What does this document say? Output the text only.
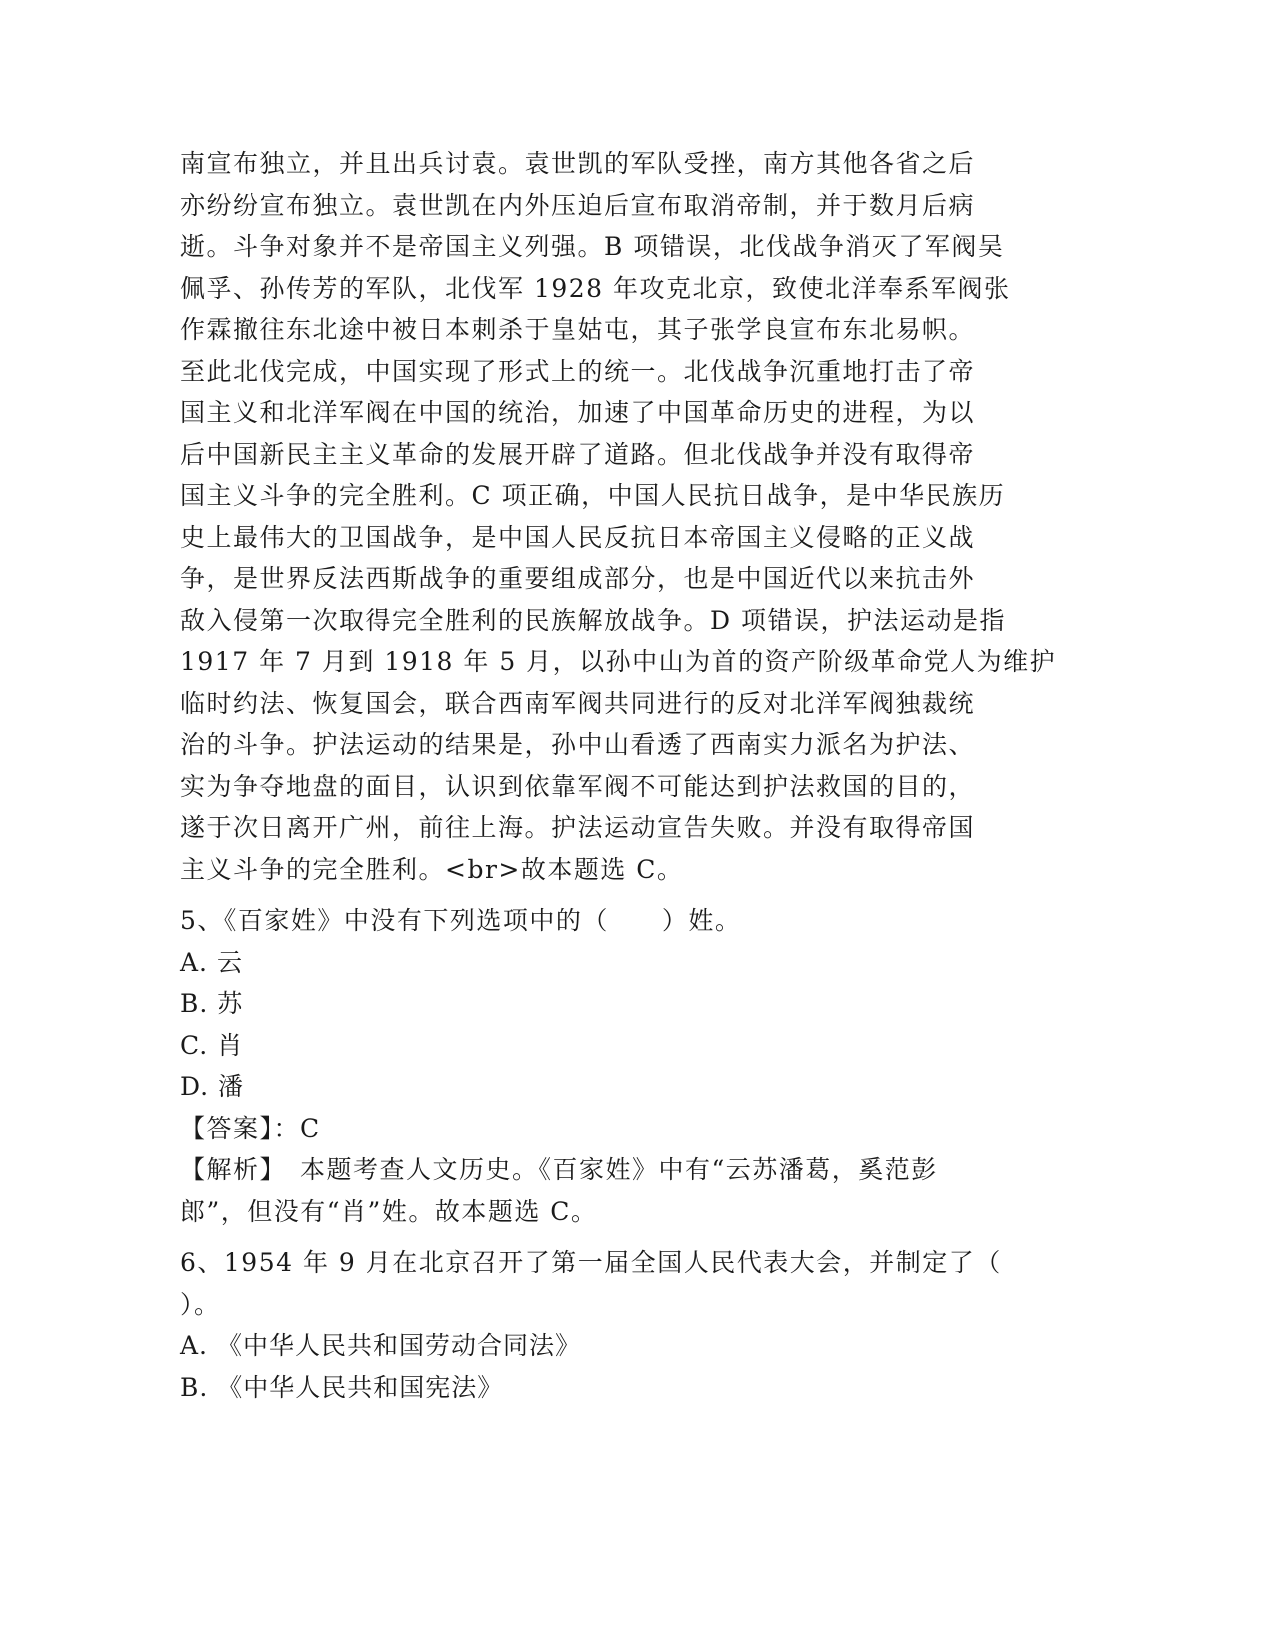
南宣布独立，并且出兵讨袁。袁世凯的军队受挫，南方其他各省之后
亦纷纷宣布独立。袁世凯在内外压迫后宣布取消帝制，并于数月后病
逝。斗争对象并不是帝国主义列强。B 项错误，北伐战争消灭了军阀吴
佩孚、孙传芳的军队，北伐军 1928 年攻克北京，致使北洋奉系军阀张
作霖撤往东北途中被日本刺杀于皇姑屯，其子张学良宣布东北易帜。
至此北伐完成，中国实现了形式上的统一。北伐战争沉重地打击了帝
国主义和北洋军阀在中国的统治，加速了中国革命历史的进程，为以
后中国新民主主义革命的发展开辟了道路。但北伐战争并没有取得帝
国主义斗争的完全胜利。C 项正确，中国人民抗日战争，是中华民族历
史上最伟大的卫国战争，是中国人民反抗日本帝国主义侵略的正义战
争，是世界反法西斯战争的重要组成部分，也是中国近代以来抗击外
敌入侵第一次取得完全胜利的民族解放战争。D 项错误，护法运动是指
1917 年 7 月到 1918 年 5 月，以孙中山为首的资产阶级革命党人为维护
临时约法、恢复国会，联合西南军阀共同进行的反对北洋军阀独裁统
治的斗争。护法运动的结果是，孙中山看透了西南实力派名为护法、
实为争夺地盘的面目，认识到依靠军阀不可能达到护法救国的目的，
遂于次日离开广州，前往上海。护法运动宣告失败。并没有取得帝国
主义斗争的完全胜利。<br>故本题选 C。
5、《百家姓》中没有下列选项中的（　　）姓。
A. 云
B. 苏
C. 肖
D. 潘
【答案】：C
【解析】　本题考查人文历史。《百家姓》中有“云苏潘葛，奚范彭
郎”，但没有“肖”姓。故本题选 C。
6、1954 年 9 月在北京召开了第一届全国人民代表大会，并制定了（
）。
A. 《中华人民共和国劳动合同法》
B. 《中华人民共和国宪法》
